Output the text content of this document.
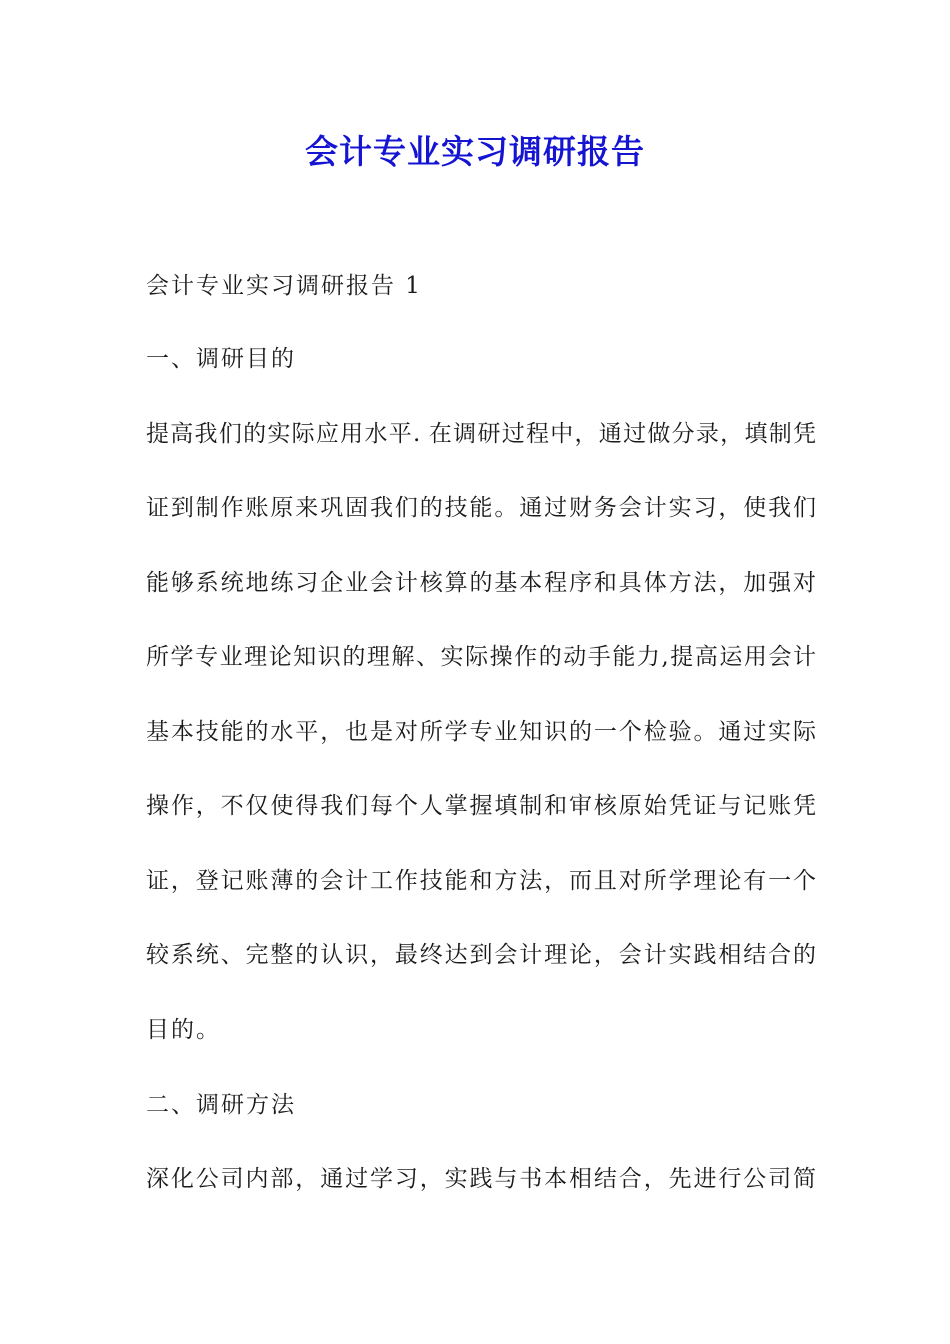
会计专业实习调研报告
会计专业实习调研报告 1
一、调研目的
提高我们的实际应用水平. 在调研过程中，通过做分录，填制凭
证到制作账原来巩固我们的技能。通过财务会计实习，使我们
能够系统地练习企业会计核算的基本程序和具体方法，加强对
所学专业理论知识的理解、实际操作的动手能力,提高运用会计
基本技能的水平，也是对所学专业知识的一个检验。通过实际
操作，不仅使得我们每个人掌握填制和审核原始凭证与记账凭
证，登记账薄的会计工作技能和方法，而且对所学理论有一个
较系统、完整的认识，最终达到会计理论，会计实践相结合的
目的。
二、调研方法
深化公司内部，通过学习，实践与书本相结合，先进行公司简
